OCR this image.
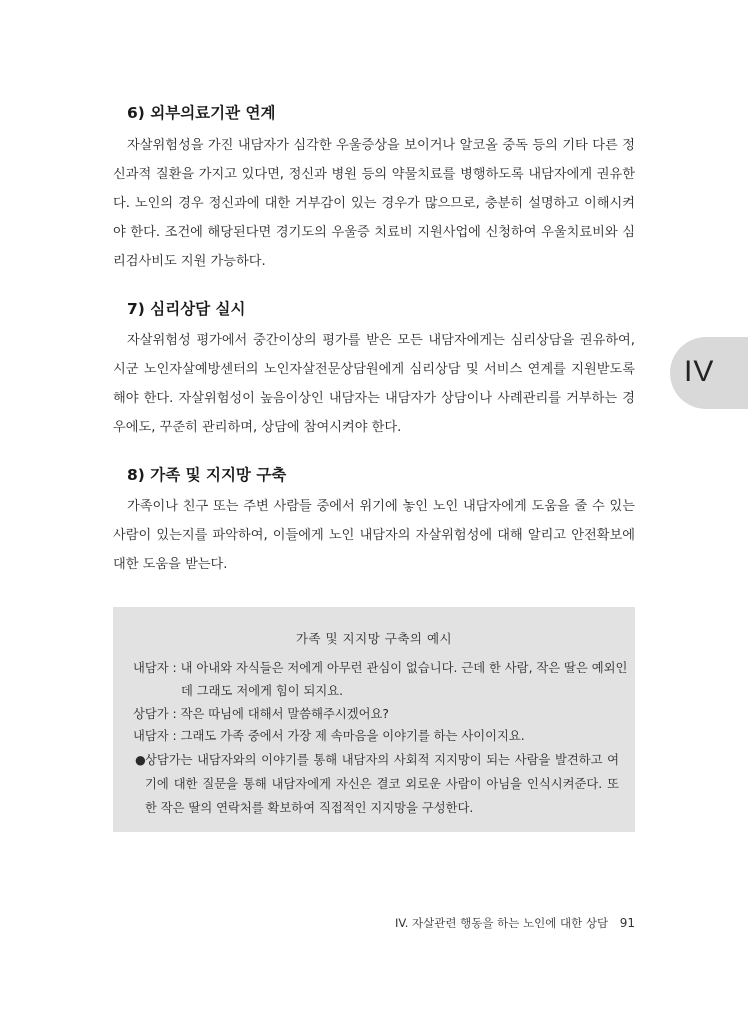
6) 외부의료기관 연계

자살위험성을 가진 내담자가 심각한 우울증상을 보이거나 알코올 중독 등의 기타 다른 정신과적 질환을 가지고 있다면, 정신과 병원 등의 약물치료를 병행하도록 내담자에게 권유한다. 노인의 경우 정신과에 대한 거부감이 있는 경우가 많으므로, 충분히 설명하고 이해시켜야 한다. 조건에 해당된다면 경기도의 우울증 치료비 지원사업에 신청하여 우울치료비와 심리검사비도 지원 가능하다.

7) 심리상담 실시

자살위험성 평가에서 중간이상의 평가를 받은 모든 내담자에게는 심리상담을 권유하여, 시군 노인자살예방센터의 노인자살전문상담원에게 심리상담 및 서비스 연계를 지원받도록 해야 한다. 자살위험성이 높음이상인 내담자는 내담자가 상담이나 사례관리를 거부하는 경우에도, 꾸준히 관리하며, 상담에 참여시켜야 한다.

IV
8) 가족 및 지지망 구축

가족이나 친구 또는 주변 사람들 중에서 위기에 놓인 노인 내담자에게 도움을 줄 수 있는 사람이 있는지를 파악하여, 이들에게 노인 내담자의 자살위험성에 대해 알리고 안전확보에 대한 도움을 받는다.

가족 및 지지망 구축의 예시
내담자 : 내 아내와 자식들은 저에게 아무런 관심이 없습니다. 근데 한 사람, 작은 딸은 예외인
데 그래도 저에게 힘이 되지요.
상담가 : 작은 따님에 대해서 말씀해주시겠어요?
내담자 : 그래도 가족 중에서 가장 제 속마음을 이야기를 하는 사이이지요.
● 상담가는 내담자와의 이야기를 통해 내담자의 사회적 지지망이 되는 사람을 발견하고 여기에 대한 질문을 통해 내담자에게 자신은 결코 외로운 사람이 아님을 인식시켜준다. 또한 작은 딸의 연락처를 확보하여 직접적인 지지망을 구성한다.
IV. 자살관련 행동을 하는 노인에 대한 상담 91
